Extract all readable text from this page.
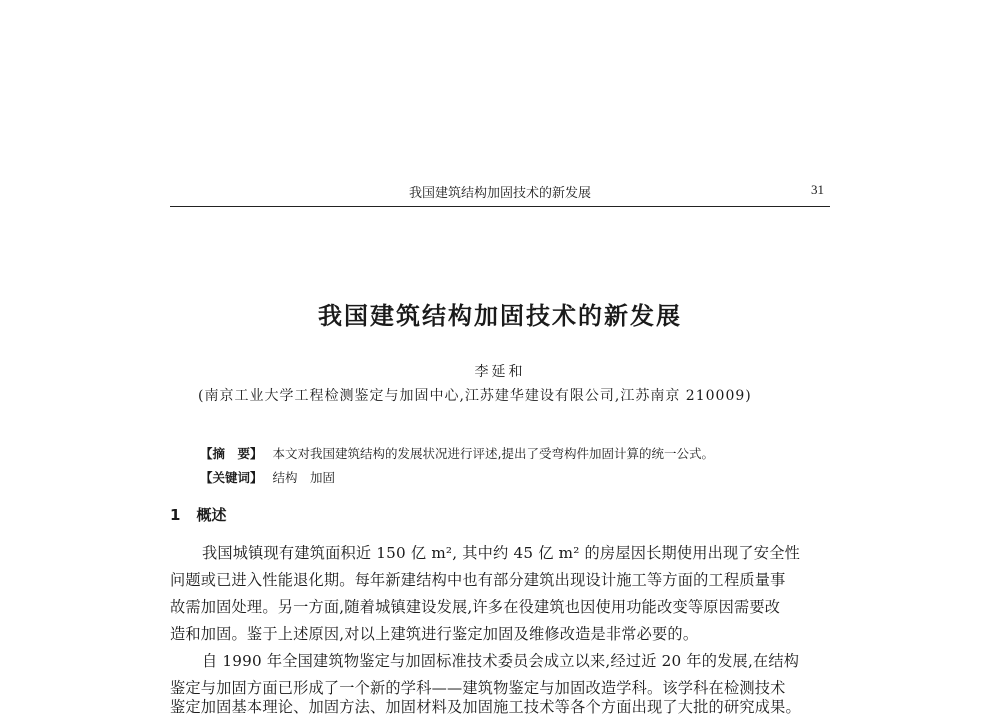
我国建筑结构加固技术的新发展	31
我国建筑结构加固技术的新发展
李延和
(南京工业大学工程检测鉴定与加固中心,江苏建华建设有限公司,江苏南京 210009)
【摘　要】 本文对我国建筑结构的发展状况进行评述,提出了受弯构件加固计算的统一公式。
【关键词】 结构　加固
1 概述
我国城镇现有建筑面积近 150 亿 m², 其中约 45 亿 m² 的房屋因长期使用出现了安全性
问题或已进入性能退化期。每年新建结构中也有部分建筑出现设计施工等方面的工程质量事
故需加固处理。另一方面,随着城镇建设发展,许多在役建筑也因使用功能改变等原因需要改
造和加固。鉴于上述原因,对以上建筑进行鉴定加固及维修改造是非常必要的。
自 1990 年全国建筑物鉴定与加固标准技术委员会成立以来,经过近 20 年的发展,在结构
鉴定与加固方面已形成了一个新的学科——建筑物鉴定与加固改造学科。该学科在检测技术
鉴定加固基本理论、加固方法、加固材料及加固施工技术等各个方面出现了大批的研究成果。
